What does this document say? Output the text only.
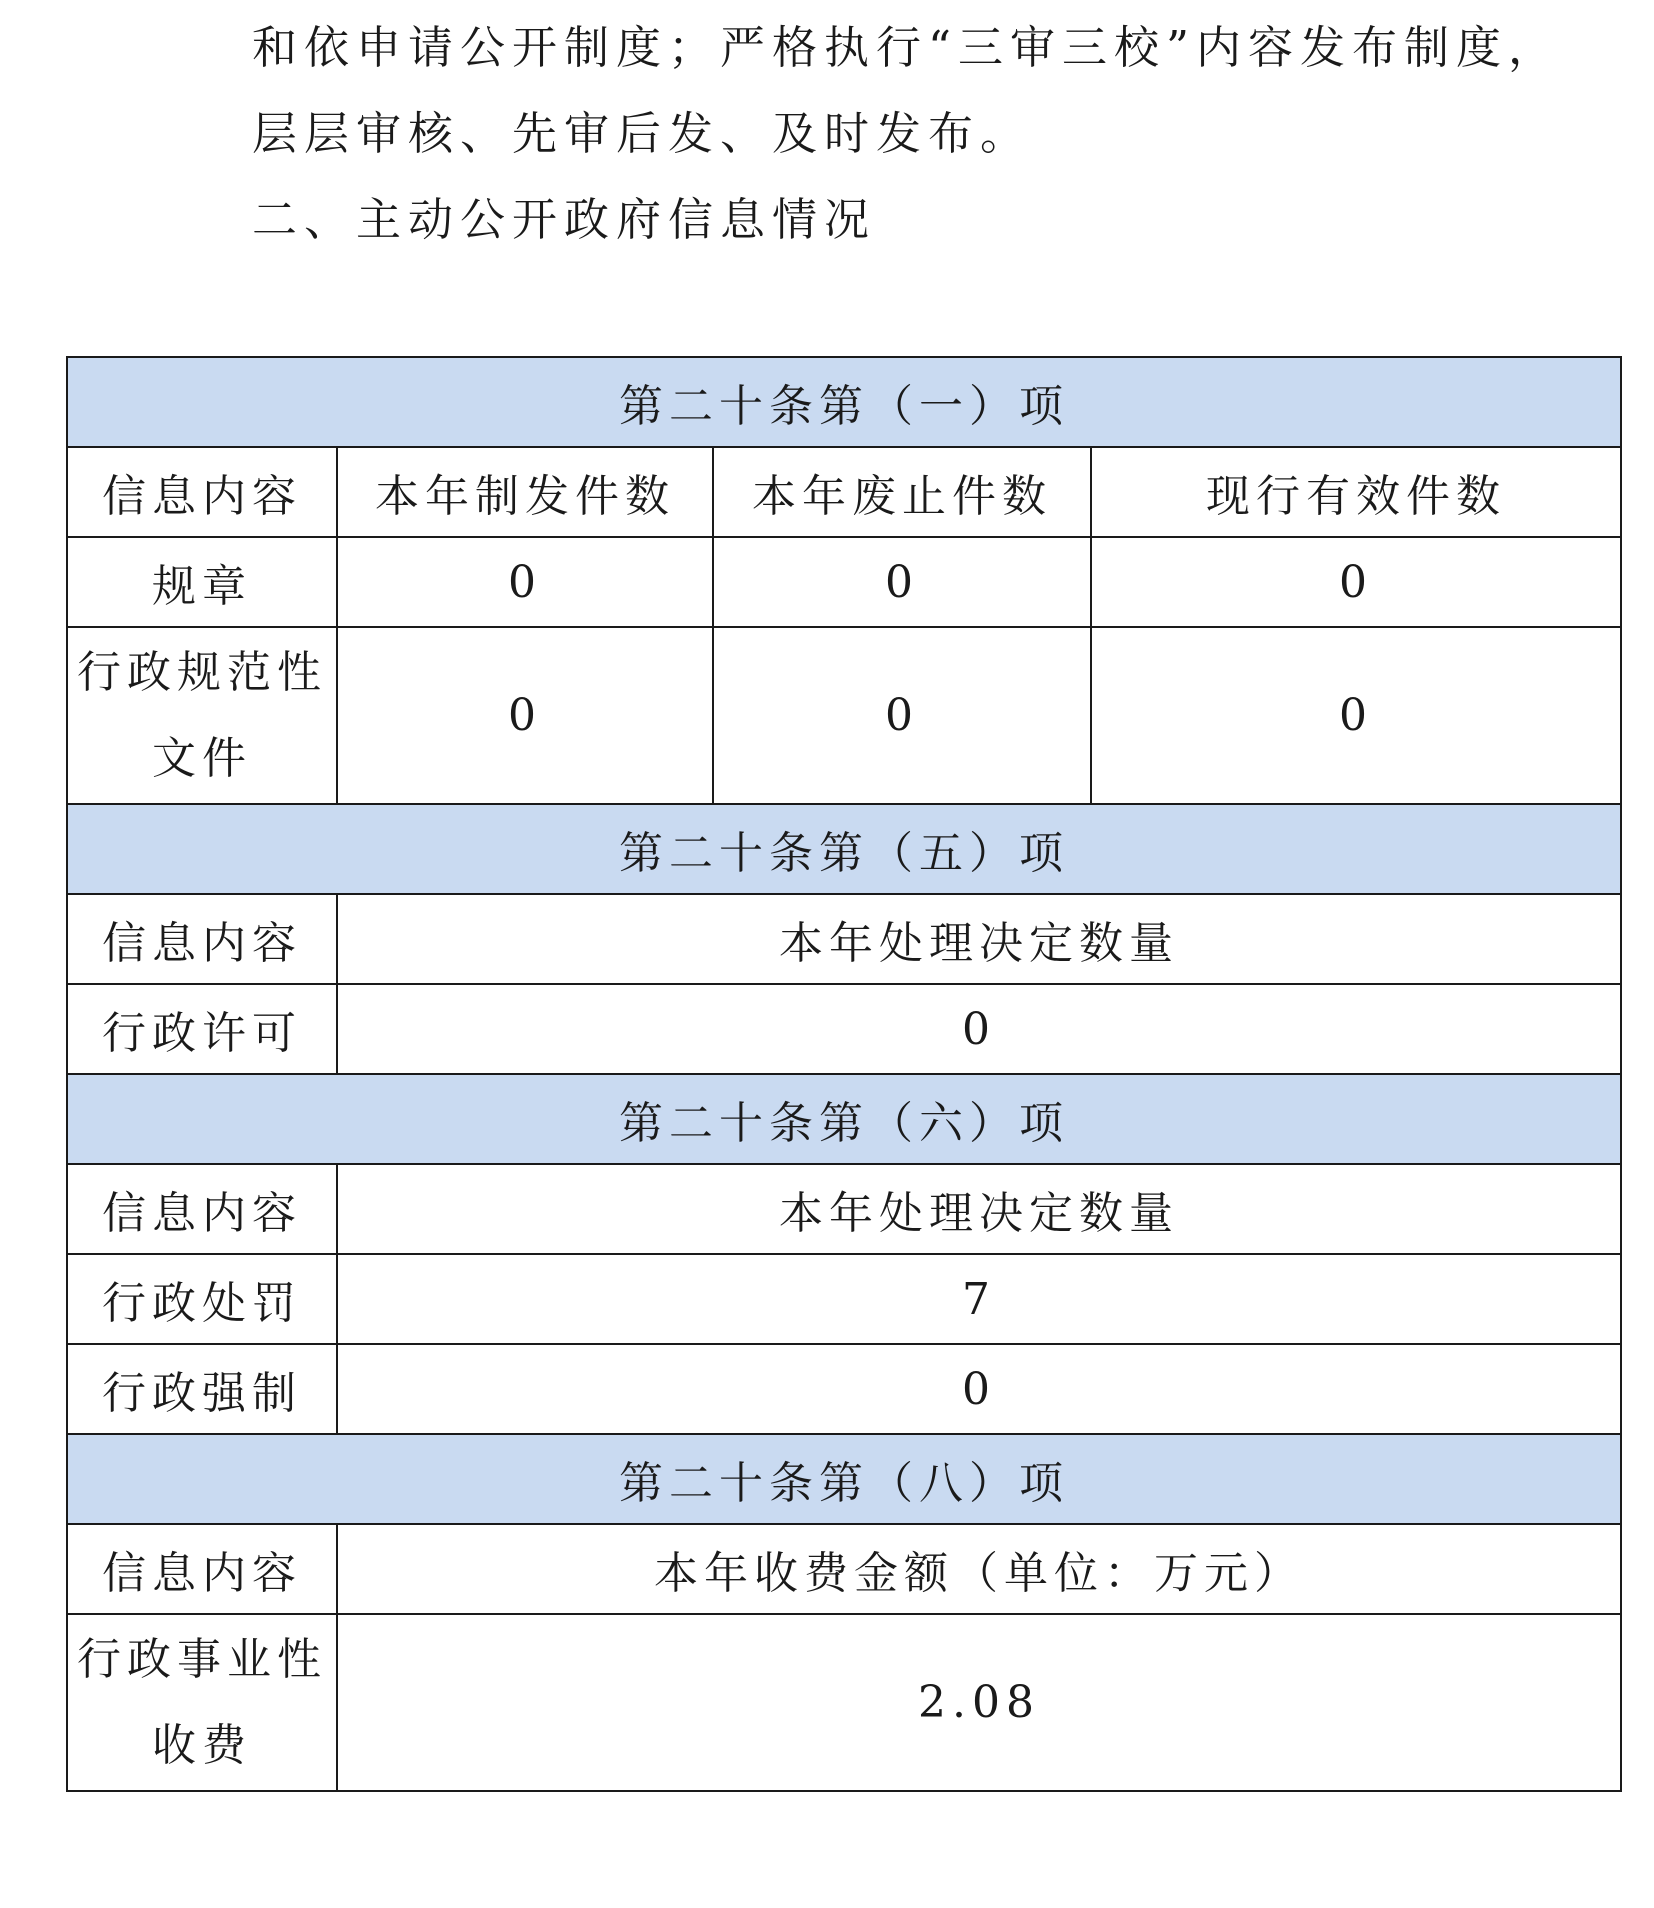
和依申请公开制度；严格执行“三审三校”内容发布制度，
层层审核、先审后发、及时发布。
二、主动公开政府信息情况
第二十条第（一）项			
信息内容	本年制发件数	本年废止件数	现行有效件数
规章	0	0	0
行政规范性
文件	0	0	0
第二十条第（五）项			
信息内容	本年处理决定数量		
行政许可	0		
第二十条第（六）项			
信息内容	本年处理决定数量		
行政处罚	7		
行政强制	0		
第二十条第（八）项			
信息内容	本年收费金额（单位：万元）		
行政事业性
收费	2.08		
